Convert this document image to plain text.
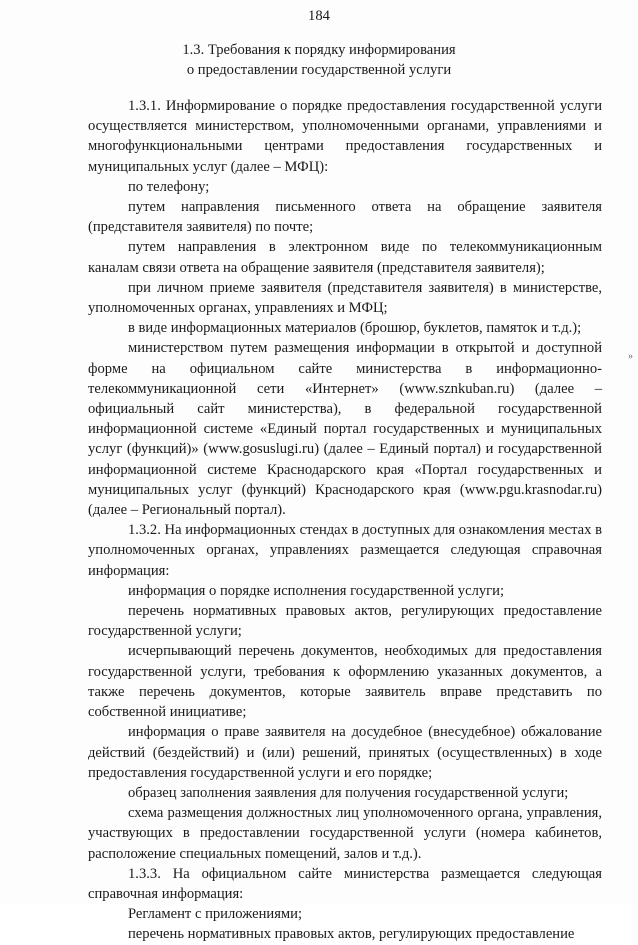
184
1.3. Требования к порядку информирования
о предоставлении государственной услуги

1.3.1. Информирование о порядке предоставления государственной услуги осуществляется министерством, уполномоченными органами, управлениями и многофункциональными центрами предоставления государственных и муниципальных услуг (далее – МФЦ):

по телефону;

путем направления письменного ответа на обращение заявителя (представителя заявителя) по почте;

путем направления в электронном виде по телекоммуникационным каналам связи ответа на обращение заявителя (представителя заявителя);

при личном приеме заявителя (представителя заявителя) в министерстве, уполномоченных органах, управлениях и МФЦ;

в виде информационных материалов (брошюр, буклетов, памяток и т.д.);

министерством путем размещения информации в открытой и доступной форме на официальном сайте министерства в информационно-телекоммуникационной сети «Интернет» (www.sznkuban.ru) (далее – официальный сайт министерства), в федеральной государственной информационной системе «Единый портал государственных и муниципальных услуг (функций)» (www.gosuslugi.ru) (далее – Единый портал) и государственной информационной системе Краснодарского края «Портал государственных и муниципальных услуг (функций) Краснодарского края (www.pgu.krasnodar.ru) (далее – Региональный портал).

1.3.2. На информационных стендах в доступных для ознакомления местах в уполномоченных органах, управлениях размещается следующая справочная информация:

информация о порядке исполнения государственной услуги;

перечень нормативных правовых актов, регулирующих предоставление государственной услуги;

исчерпывающий перечень документов, необходимых для предоставления государственной услуги, требования к оформлению указанных документов, а также перечень документов, которые заявитель вправе представить по собственной инициативе;

информация о праве заявителя на досудебное (внесудебное) обжалование действий (бездействий) и (или) решений, принятых (осуществленных) в ходе предоставления государственной услуги и его порядке;

образец заполнения заявления для получения государственной услуги;

схема размещения должностных лиц уполномоченного органа, управления, участвующих в предоставлении государственной услуги (номера кабинетов, расположение специальных помещений, залов и т.д.).

1.3.3. На официальном сайте министерства размещается следующая справочная информация:

Регламент с приложениями;

перечень нормативных правовых актов, регулирующих предоставление

»
